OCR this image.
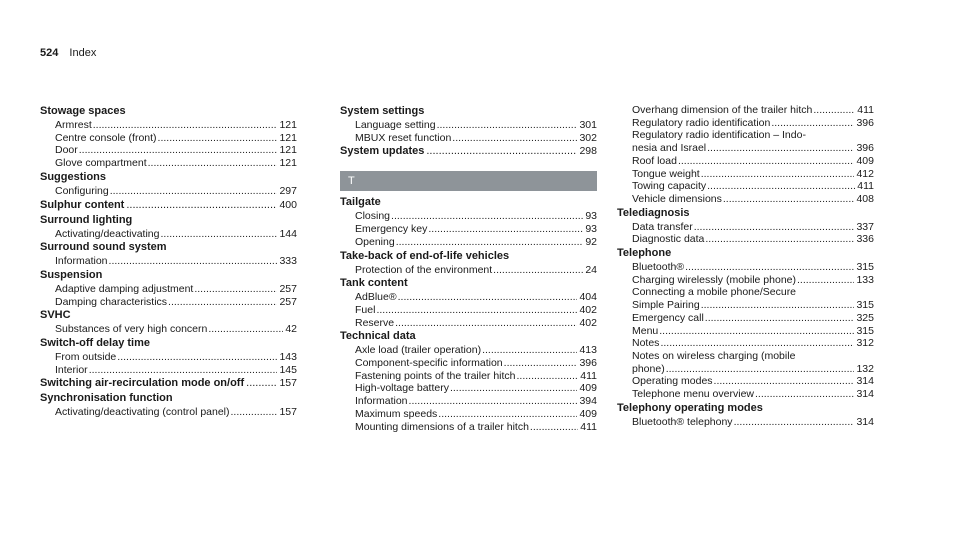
524 Index
Stowage spaces
Armrest .....	121
Centre console (front) .....	121
Door .....	121
Glove compartment .....	121
Suggestions
Configuring .....	297
Sulphur content .....	400
Surround lighting
Activating/deactivating .....	144
Surround sound system
Information .....	333
Suspension
Adaptive damping adjustment .....	257
Damping characteristics .....	257
SVHC
Substances of very high concern .....	42
Switch-off delay time
From outside .....	143
Interior .....	145
Switching air-recirculation mode on/off .....	157
Synchronisation function
Activating/deactivating (control panel) .....	157
System settings
Language setting .....	301
MBUX reset function .....	302
System updates .....	298
T
Tailgate
Closing .....	93
Emergency key .....	93
Opening .....	92
Take-back of end-of-life vehicles
Protection of the environment .....	24
Tank content
AdBlue® .....	404
Fuel .....	402
Reserve .....	402
Technical data
Axle load (trailer operation) .....	413
Component-specific information .....	396
Fastening points of the trailer hitch .....	411
High-voltage battery .....	409
Information .....	394
Maximum speeds .....	409
Mounting dimensions of a trailer hitch .....	411
Overhang dimension of the trailer hitch .....	411
Regulatory radio identification .....	396
Regulatory radio identification – Indo-
nesia and Israel .....	396
Roof load .....	409
Tongue weight .....	412
Towing capacity .....	411
Vehicle dimensions .....	408
Telediagnosis
Data transfer .....	337
Diagnostic data .....	336
Telephone
Bluetooth® .....	315
Charging wirelessly (mobile phone) .....	133
Connecting a mobile phone/Secure
Simple Pairing .....	315
Emergency call .....	325
Menu .....	315
Notes .....	312
Notes on wireless charging (mobile
phone) .....	132
Operating modes .....	314
Telephone menu overview .....	314
Telephony operating modes
Bluetooth® telephony .....	314
